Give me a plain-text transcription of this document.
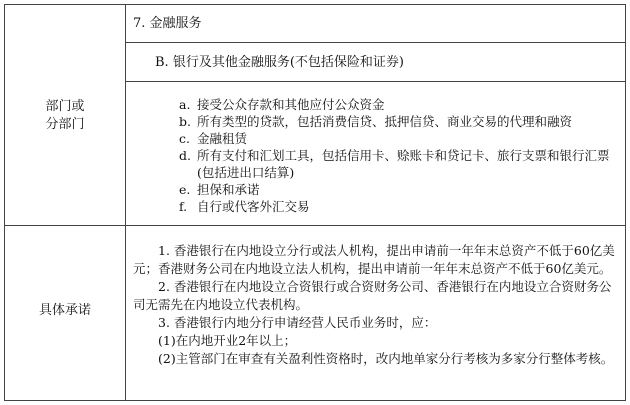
部门或
分部门
具体承诺
7. 金融服务
B. 银行及其他金融服务(不包括保险和证券)
a. 接受公众存款和其他应付公众资金
b. 所有类型的贷款，包括消费信贷、抵押信贷、商业交易的代理和融资
c. 金融租赁
d. 所有支付和汇划工具，包括信用卡、赊账卡和贷记卡、旅行支票和银行汇票(包括进出口结算)
e. 担保和承诺
f. 自行或代客外汇交易

1. 香港银行在内地设立分行或法人机构，提出申请前一年年末总资产不低于60亿美元；香港财务公司在内地设立法人机构，提出申请前一年年末总资产不低于60亿美元。

2. 香港银行在内地设立合资银行或合资财务公司、香港银行在内地设立合资财务公司无需先在内地设立代表机构。

3. 香港银行内地分行申请经营人民币业务时，应：

(1)在内地开业2年以上；

(2)主管部门在审查有关盈利性资格时，改内地单家分行考核为多家分行整体考核。
